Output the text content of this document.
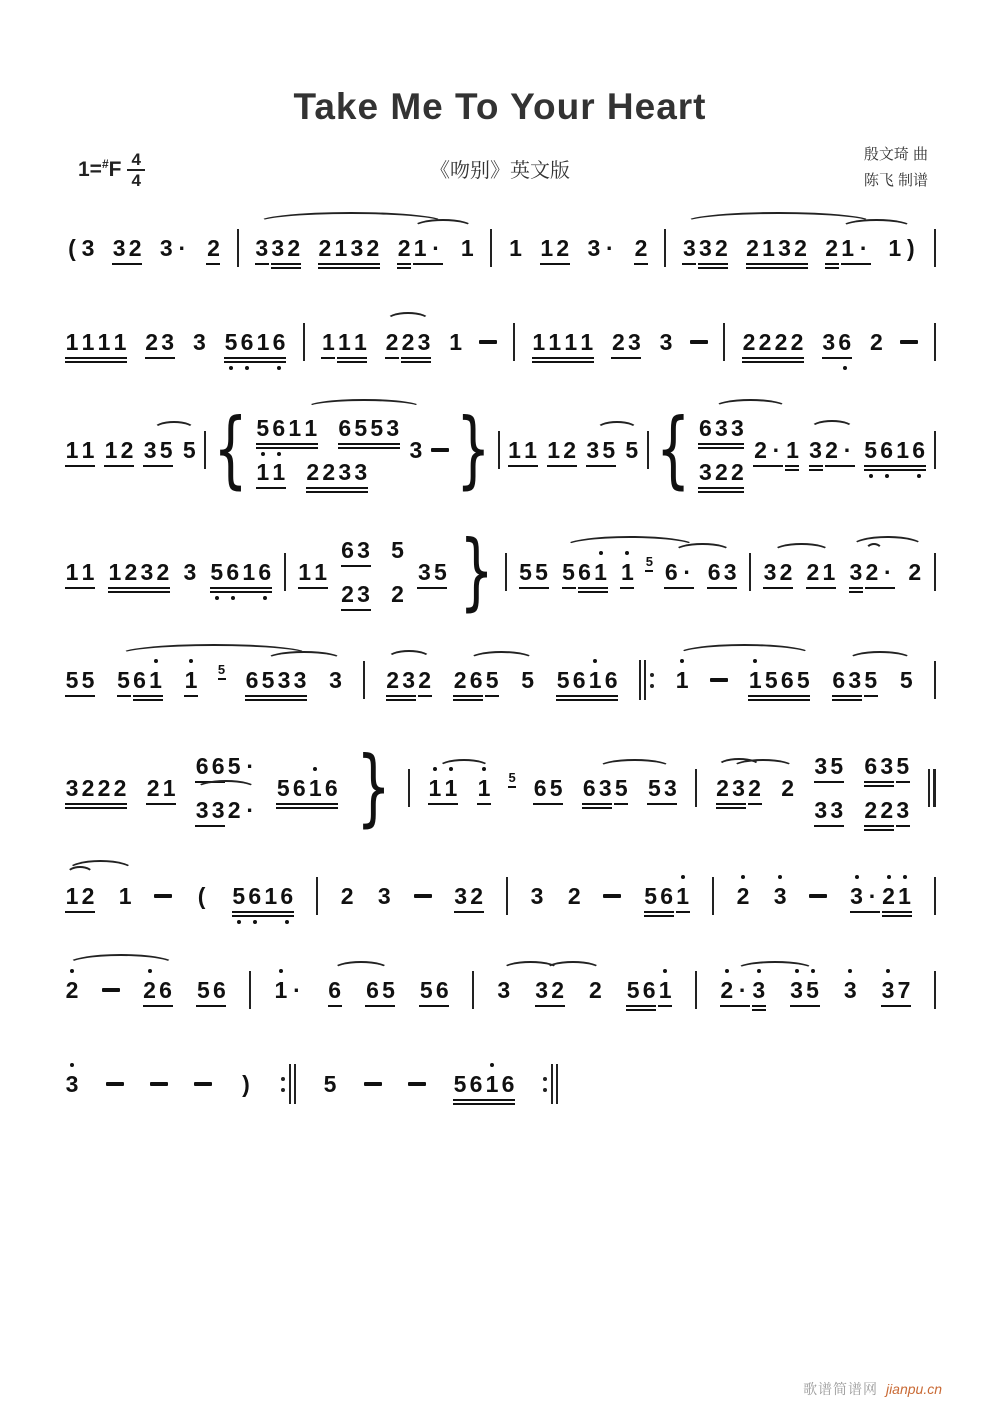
Take Me To Your Heart
1=# F $\frac{4}{4}$	《吻别》英文版
殷文琦 曲
陈飞 制谱
( 3 3 2 3 · 2 3 3 2 2 1 3 2 2 1 · 1 1 1 2 3 · 2 3 3 2 2 1 3 2 2 1 · 1 )
1 1 1 1 2 3 3 5 6 1 6 1 1 1 2 2 3 1	1 1 1 1 2 3 3	2 2 2 2 3 6 2
1 1 1 2 3 5 5 { 5 6 1 1 6 5 5 3
1 1 2 2 3 3
3 } 1 1 1 2 3 5 5 { 6 3 3
3 2 2
2 · 1 3 2 · 5 6 1 6
1 1 1 2 3 2 3 5 6 1 6 1 1
6 3 5
2 3 2
3 5 } 5 5 5 6 1 1 5 6 · 6 3 3 2 2 1 3 2 · 2
5 5 5 6 1 1 5 6 5 3 3 3 2 3 2 2 6 5 5 5 6 1 6	1	1 5 6 5 6 3 5 5
3 2 2 2 2 1
6 6 5 ·
3 3 2 ·
5 6 1 6 } 1 1 1 5 6 5 6 3 5 5 3 2 3 2 2
3 5 6 3 5
3 3 2 2 3
1 2 1	( 5 6 1 6 2 3	3 2 3 2	5 6 1 2 3	3 · 2 1
2	2 6 5 6 1 · 6 6 5 5 6 3 3 2 2 5 6 1 2 · 3 3 5 3 3 7
3	)	5	5 6 1 6
歌谱简谱网 jianpu.cn
